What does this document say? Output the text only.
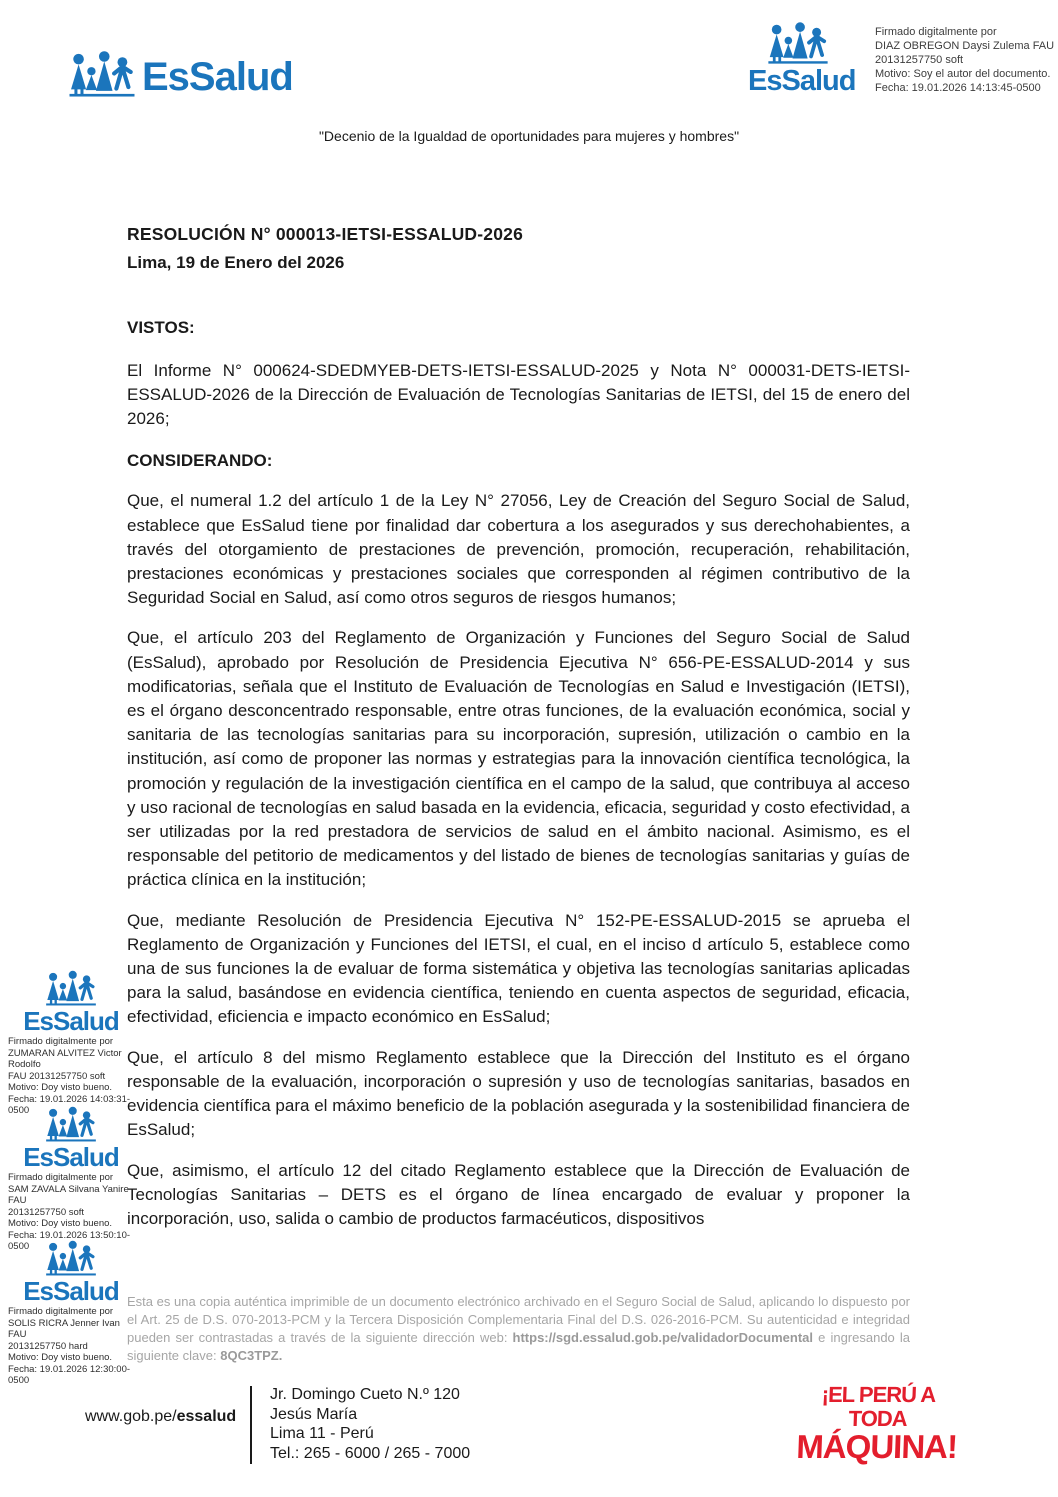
EsSalud	EsSalud
Firmado digitalmente por
DIAZ OBREGON Daysi Zulema FAU
20131257750 soft
Motivo: Soy el autor del documento.
Fecha: 19.01.2026 14:13:45-0500
"Decenio de la Igualdad de oportunidades para mujeres y hombres"
RESOLUCIÓN N° 000013-IETSI-ESSALUD-2026
Lima, 19 de Enero del 2026
VISTOS:

El Informe N° 000624-SDEDMYEB-DETS-IETSI-ESSALUD-2025 y Nota N° 000031-DETS-IETSI-ESSALUD-2026 de la Dirección de Evaluación de Tecnologías Sanitarias de IETSI, del 15 de enero del 2026;

CONSIDERANDO:

Que, el numeral 1.2 del artículo 1 de la Ley N° 27056, Ley de Creación del Seguro Social de Salud, establece que EsSalud tiene por finalidad dar cobertura a los asegurados y sus derechohabientes, a través del otorgamiento de prestaciones de prevención, promoción, recuperación, rehabilitación, prestaciones económicas y prestaciones sociales que corresponden al régimen contributivo de la Seguridad Social en Salud, así como otros seguros de riesgos humanos;

Que, el artículo 203 del Reglamento de Organización y Funciones del Seguro Social de Salud (EsSalud), aprobado por Resolución de Presidencia Ejecutiva N° 656-PE-ESSALUD-2014 y sus modificatorias, señala que el Instituto de Evaluación de Tecnologías en Salud e Investigación (IETSI), es el órgano desconcentrado responsable, entre otras funciones, de la evaluación económica, social y sanitaria de las tecnologías sanitarias para su incorporación, supresión, utilización o cambio en la institución, así como de proponer las normas y estrategias para la innovación científica tecnológica, la promoción y regulación de la investigación científica en el campo de la salud, que contribuya al acceso y uso racional de tecnologías en salud basada en la evidencia, eficacia, seguridad y costo efectividad, a ser utilizadas por la red prestadora de servicios de salud en el ámbito nacional. Asimismo, es el responsable del petitorio de medicamentos y del listado de bienes de tecnologías sanitarias y guías de práctica clínica en la institución;

Que, mediante Resolución de Presidencia Ejecutiva N° 152-PE-ESSALUD-2015 se aprueba el Reglamento de Organización y Funciones del IETSI, el cual, en el inciso d artículo 5, establece como una de sus funciones la de evaluar de forma sistemática y objetiva las tecnologías sanitarias aplicadas para la salud, basándose en evidencia científica, teniendo en cuenta aspectos de seguridad, eficacia, efectividad, eficiencia e impacto económico en EsSalud;

Que, el artículo 8 del mismo Reglamento establece que la Dirección del Instituto es el órgano responsable de la evaluación, incorporación o supresión y uso de tecnologías sanitarias, basados en evidencia científica para el máximo beneficio de la población asegurada y la sostenibilidad financiera de EsSalud;

Que, asimismo, el artículo 12 del citado Reglamento establece que la Dirección de Evaluación de Tecnologías Sanitarias – DETS es el órgano de línea encargado de evaluar y proponer la incorporación, uso, salida o cambio de productos farmacéuticos, dispositivos

EsSalud
Firmado digitalmente por
ZUMARAN ALVITEZ Victor Rodolfo
FAU 20131257750 soft
Motivo: Doy visto bueno.
Fecha: 19.01.2026 14:03:31-0500
EsSalud
Firmado digitalmente por
SAM ZAVALA Silvana Yanire FAU
20131257750 soft
Motivo: Doy visto bueno.
Fecha: 19.01.2026 13:50:10-0500
EsSalud
Firmado digitalmente por
SOLIS RICRA Jenner Ivan FAU
20131257750 hard
Motivo: Doy visto bueno.
Fecha: 19.01.2026 12:30:00-0500
Esta es una copia auténtica imprimible de un documento electrónico archivado en el Seguro Social de Salud, aplicando lo dispuesto por el Art. 25 de D.S. 070-2013-PCM y la Tercera Disposición Complementaria Final del D.S. 026-2016-PCM. Su autenticidad e integridad pueden ser contrastadas a través de la siguiente dirección web: https://sgd.essalud.gob.pe/validadorDocumental e ingresando la siguiente clave: 8QC3TPZ.
www.gob.pe/essalud
Jr. Domingo Cueto N.º 120
Jesús María
Lima 11 - Perú
Tel.: 265 - 6000 / 265 - 7000
¡EL PERÚ A TODA
MÁQUINA!
